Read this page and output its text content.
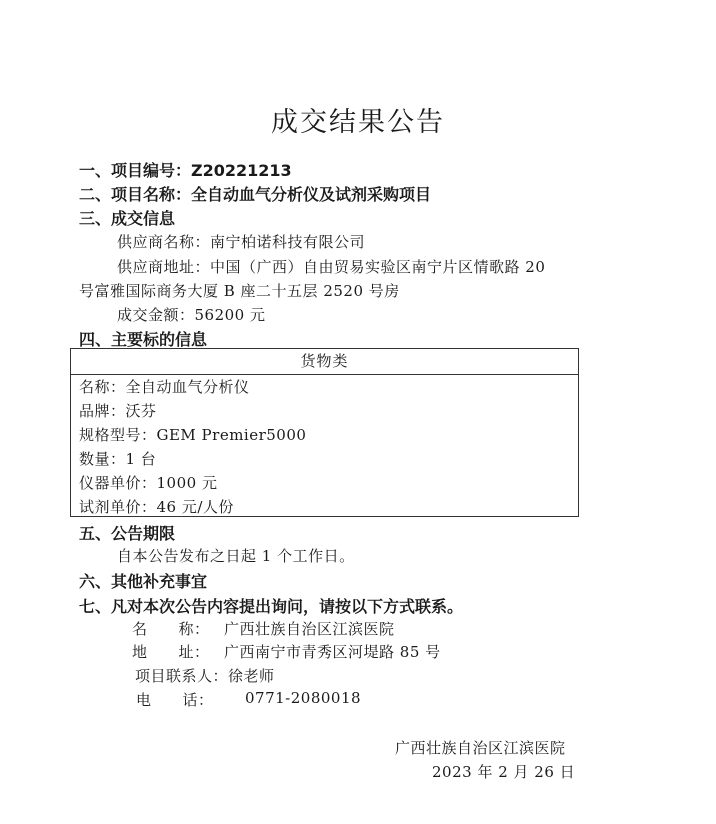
成交结果公告
一、项目编号：Z20221213
二、项目名称：全自动血气分析仪及试剂采购项目
三、成交信息
供应商名称：南宁柏诺科技有限公司
供应商地址：中国（广西）自由贸易实验区南宁片区情歌路 20
号富雅国际商务大厦 B 座二十五层 2520 号房
成交金额：56200 元
四、主要标的信息
货物类
名称：全自动血气分析仪
品牌：沃芬
规格型号：GEM Premier5000
数量：1 台
仪器单价：1000 元
试剂单价：46 元/人份
五、公告期限
自本公告发布之日起 1 个工作日。
六、其他补充事宜
七、凡对本次公告内容提出询问，请按以下方式联系。
名　　称： 广西壮族自治区江滨医院
地　　址： 广西南宁市青秀区河堤路 85 号
项目联系人：徐老师
电　　话： 0771-2080018
广西壮族自治区江滨医院
2023 年 2 月 26 日
